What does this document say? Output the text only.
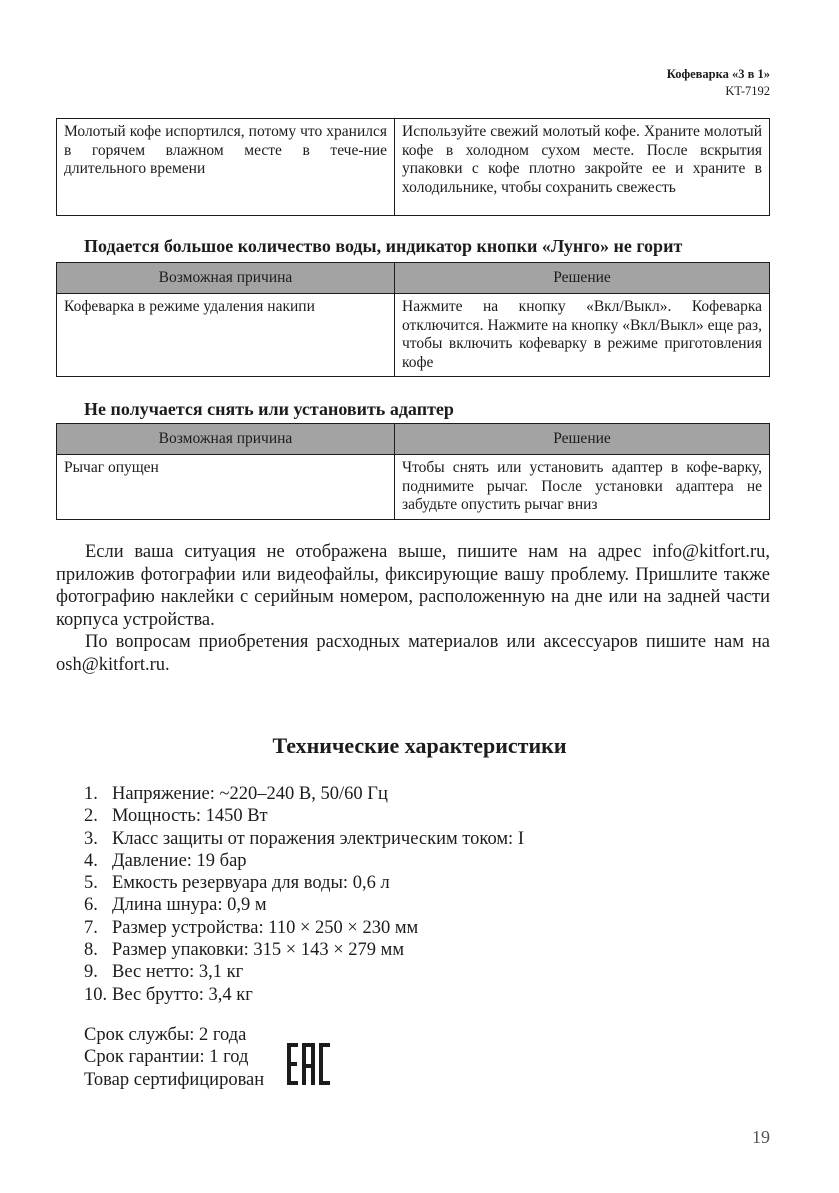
Кофеварка «3 в 1»
KT-7192
Молотый кофе испортился, потому что хранился в горячем влажном месте в тече-ние длительного времени	Используйте свежий молотый кофе. Храните молотый кофе в холодном сухом месте. После вскрытия упаковки с кофе плотно закройте ее и храните в холодильнике, чтобы сохранить свежесть
Подается большое количество воды, индикатор кнопки «Лунго» не горит
Возможная причина	Решение
Кофеварка в режиме удаления накипи	Нажмите на кнопку «Вкл/Выкл». Кофеварка отключится. Нажмите на кнопку «Вкл/Выкл» еще раз, чтобы включить кофеварку в режиме приготовления кофе
Не получается снять или установить адаптер
Возможная причина	Решение
Рычаг опущен	Чтобы снять или установить адаптер в кофе-варку, поднимите рычаг. После установки адаптера не забудьте опустить рычаг вниз

Если ваша ситуация не отображена выше, пишите нам на адрес info@kitfort.ru, приложив фотографии или видеофайлы, фиксирующие вашу проблему. Пришлите также фотографию наклейки с серийным номером, расположенную на дне или на задней части корпуса устройства.

По вопросам приобретения расходных материалов или аксессуаров пишите нам на osh@kitfort.ru.

Технические характеристики
1. Напряжение: ~220–240 В, 50/60 Гц
2. Мощность: 1450 Вт
3. Класс защиты от поражения электрическим током: I
4. Давление: 19 бар
5. Емкость резервуара для воды: 0,6 л
6. Длина шнура: 0,9 м
7. Размер устройства: 110 × 250 × 230 мм
8. Размер упаковки: 315 × 143 × 279 мм
9. Вес нетто: 3,1 кг
10. Вес брутто: 3,4 кг
Срок службы: 2 года
Срок гарантии: 1 год
Товар сертифицирован
19
